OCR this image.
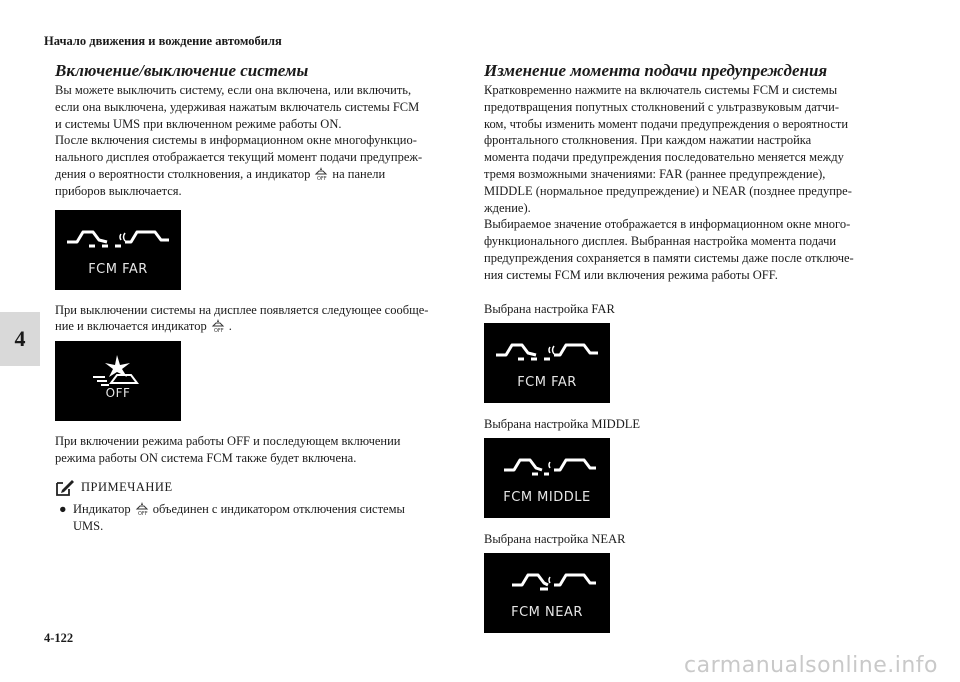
Начало движения и вождение автомобиля
4
Включение/выключение системы

Вы можете выключить систему, если она включена, или включить,
если она выключена, удерживая нажатым включатель системы FCM
и системы UMS при включенном режиме работы ON.
После включения системы в информационном окне многофункцио-
нального дисплея отображается текущий момент подачи предупреж-
дения о вероятности столкновения, а индикатор OFF на панели
приборов выключается.

FCM FAR

При выключении системы на дисплее появляется следующее сообще-
ние и включается индикатор OFF .

OFF

При включении режима работы OFF и последующем включении
режима работы ON система FCM также будет включена.

ПРИМЕЧАНИЕ
● Индикатор OFF объединен с индикатором отключения системы
UMS.
Изменение момента подачи предупреждения

Кратковременно нажмите на включатель системы FCM и системы
предотвращения попутных столкновений с ультразвуковым датчи-
ком, чтобы изменить момент подачи предупреждения о вероятности
фронтального столкновения. При каждом нажатии настройка
момента подачи предупреждения последовательно меняется между
тремя возможными значениями: FAR (раннее предупреждение),
MIDDLE (нормальное предупреждение) и NEAR (позднее предупре-
ждение).
Выбираемое значение отображается в информационном окне много-
функционального дисплея. Выбранная настройка момента подачи
предупреждения сохраняется в памяти системы даже после отключе-
ния системы FCM или включения режима работы OFF.

Выбрана настройка FAR
FCM FAR
Выбрана настройка MIDDLE
FCM MIDDLE
Выбрана настройка NEAR
FCM NEAR
4-122
carmanualsonline.info
